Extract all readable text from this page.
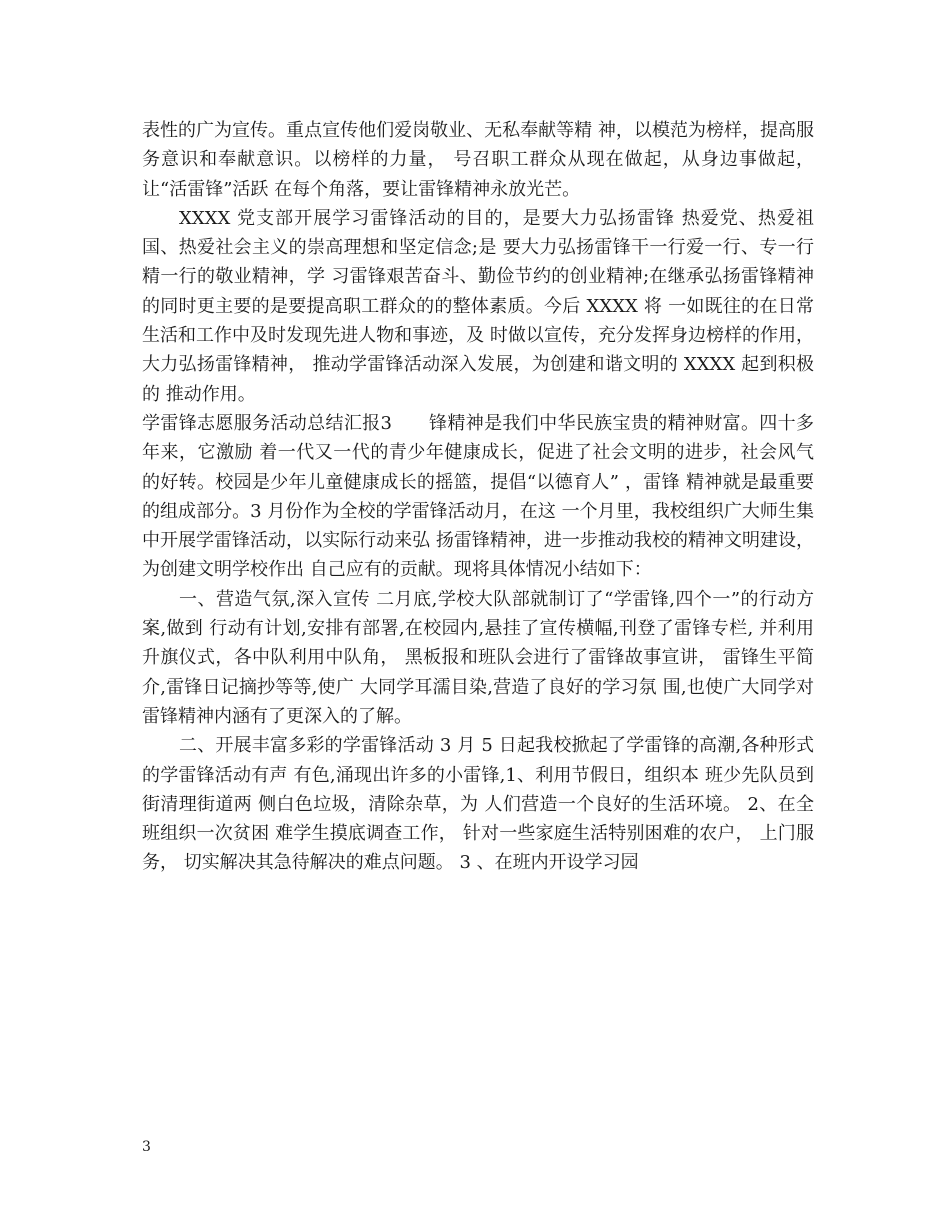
表性的广为宣传。重点宣传他们爱岗敬业、无私奉献等精 神，以模范为榜样，提高服务意识和奉献意识。以榜样的力量， 号召职工群众从现在做起，从身边事做起，让“活雷锋”活跃 在每个角落，要让雷锋精神永放光芒。

XXXX 党支部开展学习雷锋活动的目的，是要大力弘扬雷锋 热爱党、热爱祖国、热爱社会主义的崇高理想和坚定信念;是 要大力弘扬雷锋干一行爱一行、专一行精一行的敬业精神，学 习雷锋艰苦奋斗、勤俭节约的创业精神;在继承弘扬雷锋精神的同时更主要的是要提高职工群众的的整体素质。今后 XXXX 将 一如既往的在日常生活和工作中及时发现先进人物和事迹，及 时做以宣传，充分发挥身边榜样的作用，大力弘扬雷锋精神， 推动学雷锋活动深入发展，为创建和谐文明的 XXXX 起到积极的 推动作用。

学雷锋志愿服务活动总结汇报3　　锋精神是我们中华民族宝贵的精神财富。四十多年来，它激励 着一代又一代的青少年健康成长，促进了社会文明的进步，社会风气 的好转。校园是少年儿童健康成长的摇篮，提倡“以德育人” ，雷锋 精神就是最重要的组成部分。3 月份作为全校的学雷锋活动月，在这 一个月里，我校组织广大师生集中开展学雷锋活动，以实际行动来弘 扬雷锋精神，进一步推动我校的精神文明建设，为创建文明学校作出 自己应有的贡献。现将具体情况小结如下：

一、营造气氛,深入宣传 二月底,学校大队部就制订了“学雷锋,四个一”的行动方案,做到 行动有计划,安排有部署,在校园内,悬挂了宣传横幅,刊登了雷锋专栏, 并利用升旗仪式，各中队利用中队角， 黑板报和班队会进行了雷锋故事宣讲， 雷锋生平简介,雷锋日记摘抄等等,使广 大同学耳濡目染,营造了良好的学习氛 围,也使广大同学对雷锋精神内涵有了更深入的了解。

二、开展丰富多彩的学雷锋活动 3 月 5 日起我校掀起了学雷锋的高潮,各种形式的学雷锋活动有声 有色,涌现出许多的小雷锋,1、利用节假日，组织本 班少先队员到街清理街道两 侧白色垃圾，清除杂草，为 人们营造一个良好的生活环境。 2、在全班组织一次贫困 难学生摸底调查工作， 针对一些家庭生活特别困难的农户， 上门服务， 切实解决其急待解决的难点问题。 3 、在班内开设学习园

3
